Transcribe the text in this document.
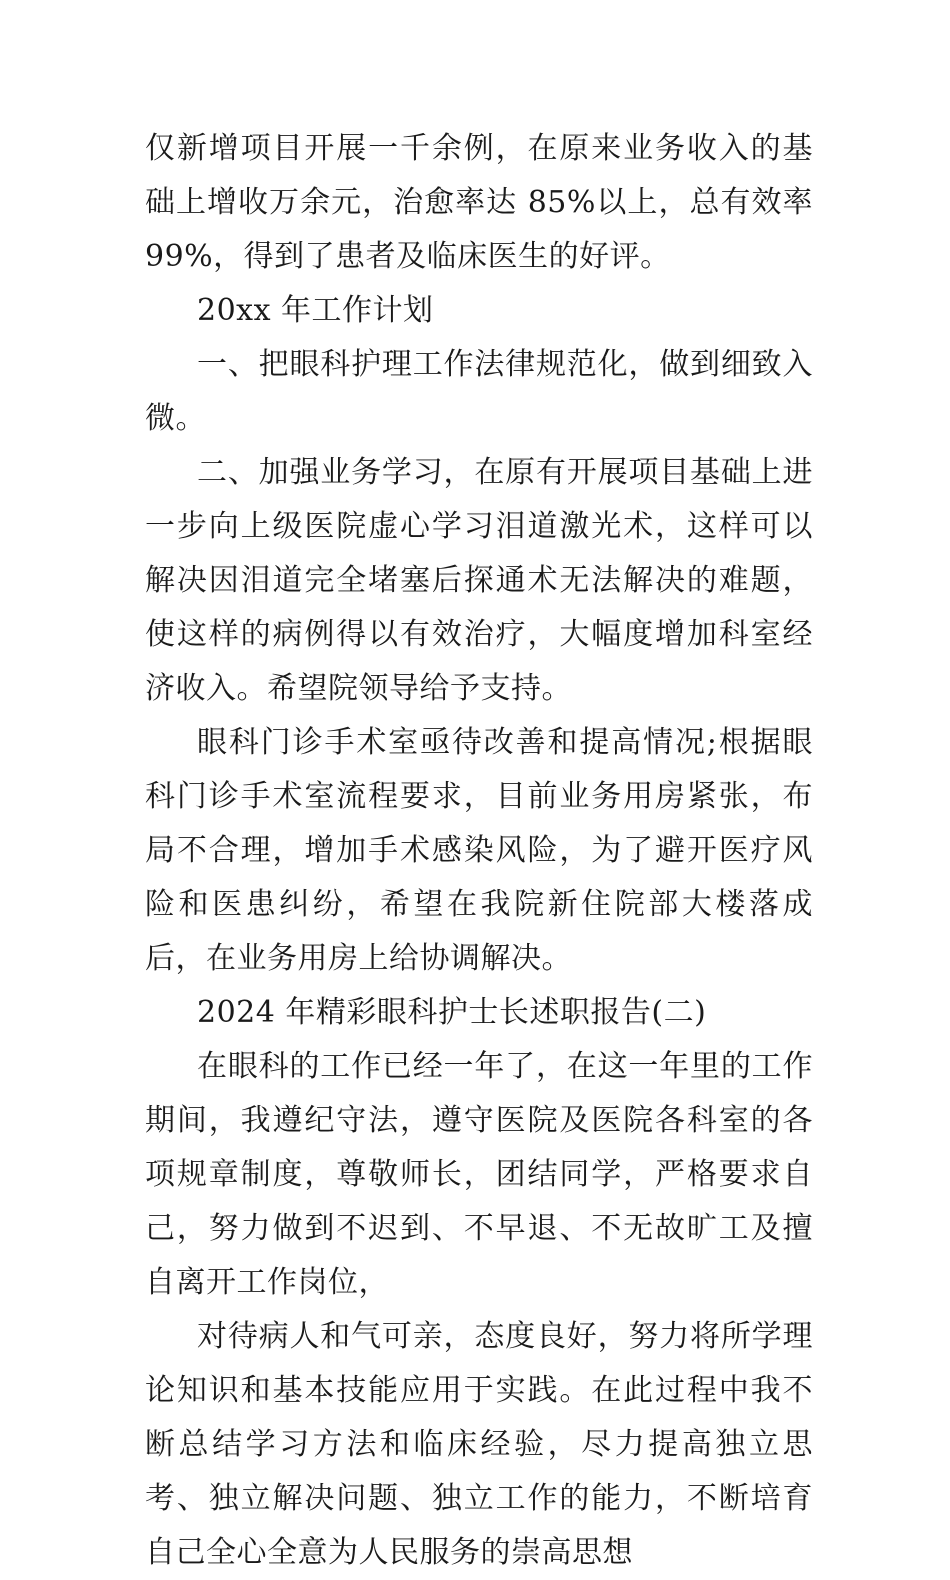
仅新增项目开展一千余例，在原来业务收入的基础上增收万余元，治愈率达 85%以上，总有效率 99%，得到了患者及临床医生的好评。

20xx 年工作计划

一、把眼科护理工作法律规范化，做到细致入微。

二、加强业务学习，在原有开展项目基础上进一步向上级医院虚心学习泪道激光术，这样可以解决因泪道完全堵塞后探通术无法解决的难题，使这样的病例得以有效治疗，大幅度增加科室经济收入。希望院领导给予支持。

眼科门诊手术室亟待改善和提高情况;根据眼科门诊手术室流程要求，目前业务用房紧张，布局不合理，增加手术感染风险，为了避开医疗风险和医患纠纷，希望在我院新住院部大楼落成后，在业务用房上给协调解决。

2024 年精彩眼科护士长述职报告(二)

在眼科的工作已经一年了，在这一年里的工作期间，我遵纪守法，遵守医院及医院各科室的各项规章制度，尊敬师长，团结同学，严格要求自己，努力做到不迟到、不早退、不无故旷工及擅自离开工作岗位，

对待病人和气可亲，态度良好，努力将所学理论知识和基本技能应用于实践。在此过程中我不断总结学习方法和临床经验，尽力提高独立思考、独立解决问题、独立工作的能力，不断培育自己全心全意为人民服务的崇高思想
